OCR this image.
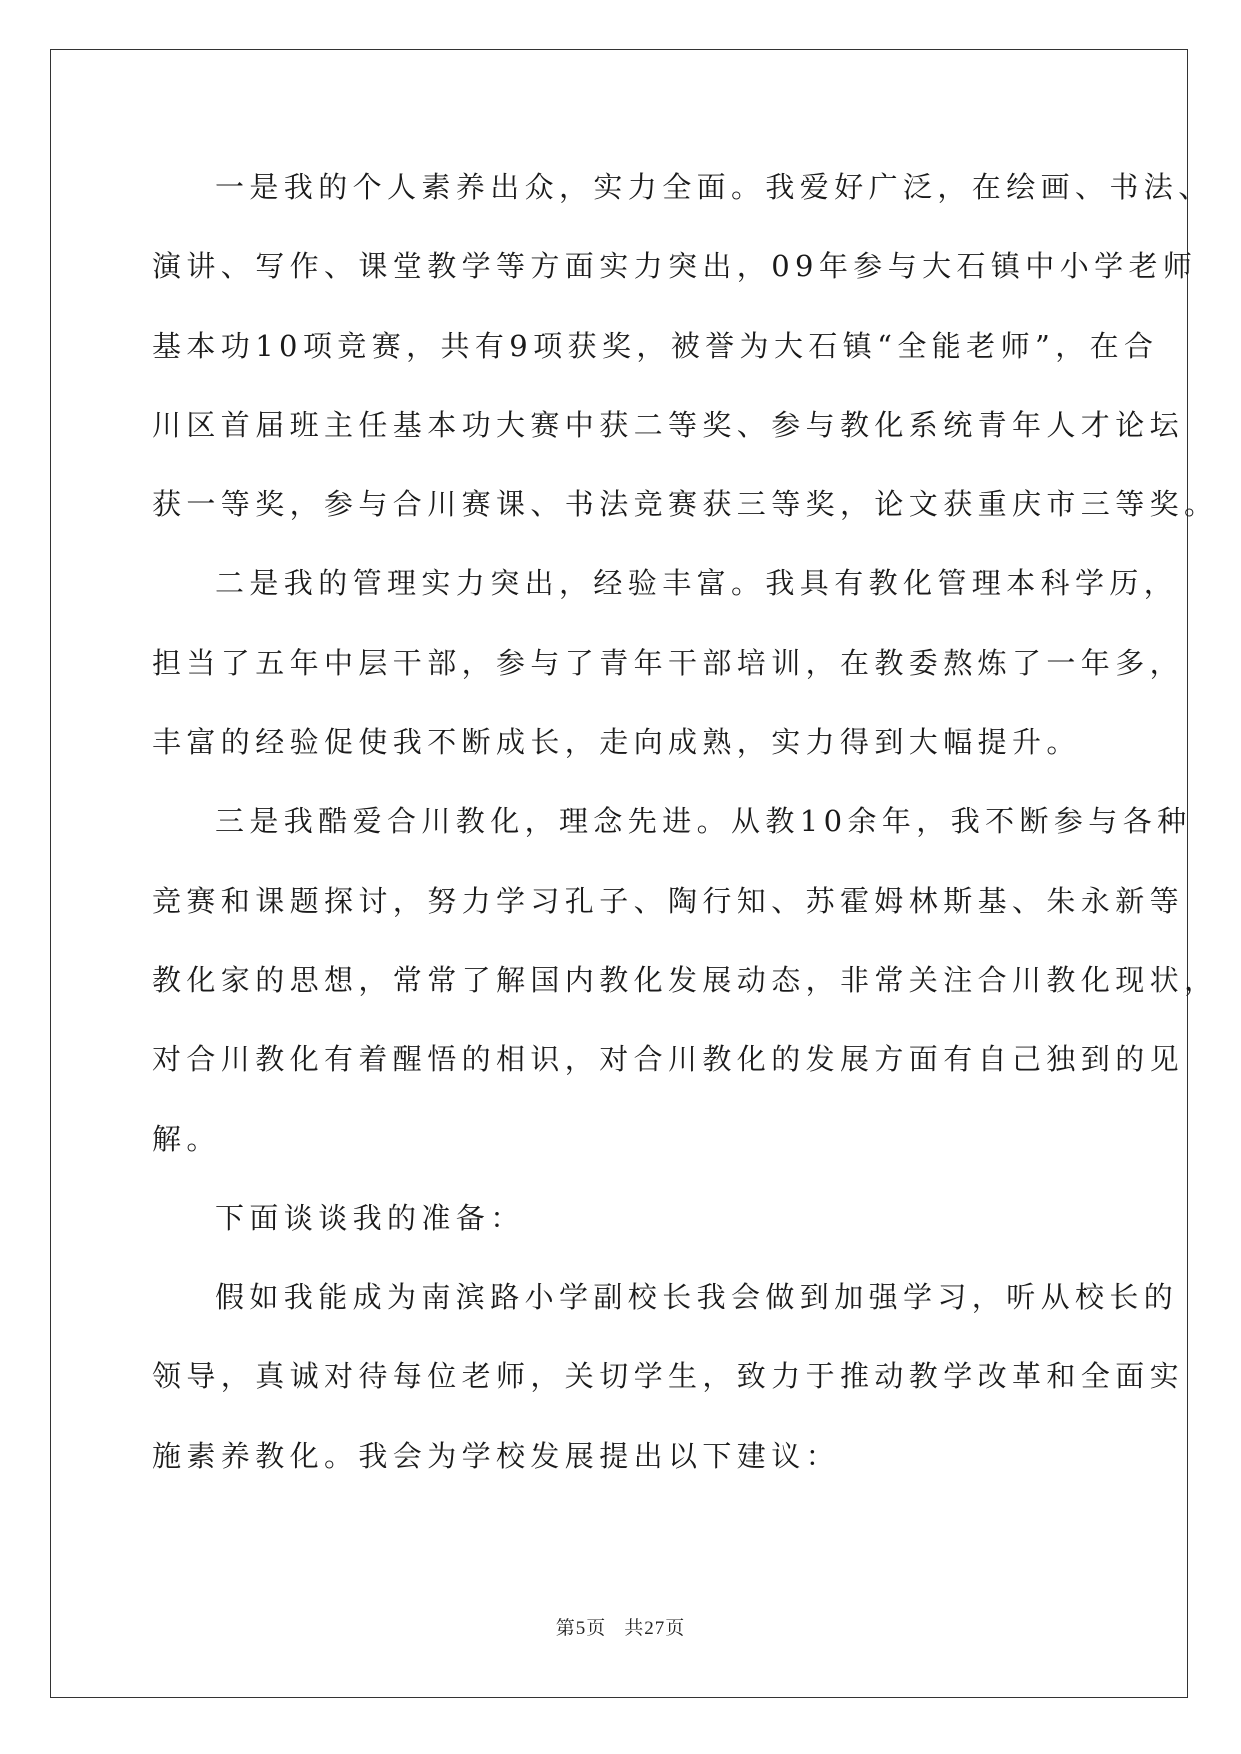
一是我的个人素养出众，实力全面。我爱好广泛，在绘画、书法、

演讲、写作、课堂教学等方面实力突出，09年参与大石镇中小学老师

基本功10项竞赛，共有9项获奖，被誉为大石镇“全能老师”，在合

川区首届班主任基本功大赛中获二等奖、参与教化系统青年人才论坛

获一等奖，参与合川赛课、书法竞赛获三等奖，论文获重庆市三等奖。

二是我的管理实力突出，经验丰富。我具有教化管理本科学历，

担当了五年中层干部，参与了青年干部培训，在教委熬炼了一年多，

丰富的经验促使我不断成长，走向成熟，实力得到大幅提升。

三是我酷爱合川教化，理念先进。从教10余年，我不断参与各种

竞赛和课题探讨，努力学习孔子、陶行知、苏霍姆林斯基、朱永新等

教化家的思想，常常了解国内教化发展动态，非常关注合川教化现状，

对合川教化有着醒悟的相识，对合川教化的发展方面有自己独到的见

解。

下面谈谈我的准备：

假如我能成为南滨路小学副校长我会做到加强学习，听从校长的

领导，真诚对待每位老师，关切学生，致力于推动教学改革和全面实

施素养教化。我会为学校发展提出以下建议：

第5页 共27页
